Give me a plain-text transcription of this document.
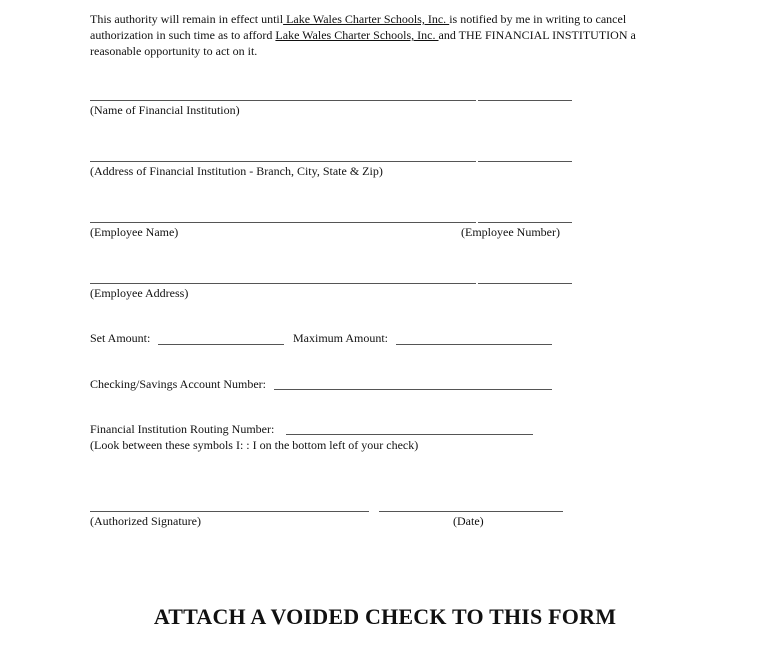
This authority will remain in effect until Lake Wales Charter Schools, Inc. is notified by me in writing to cancel
authorization in such time as to afford Lake Wales Charter Schools, Inc. and THE FINANCIAL INSTITUTION a
reasonable opportunity to act on it.
(Name of Financial Institution)
(Address of Financial Institution - Branch, City, State & Zip)
(Employee Name)	(Employee Number)
(Employee Address)
Set Amount:	Maximum Amount:
Checking/Savings Account Number:
Financial Institution Routing Number:
(Look between these symbols I: : I on the bottom left of your check)
(Authorized Signature)	(Date)
ATTACH A VOIDED CHECK TO THIS FORM
